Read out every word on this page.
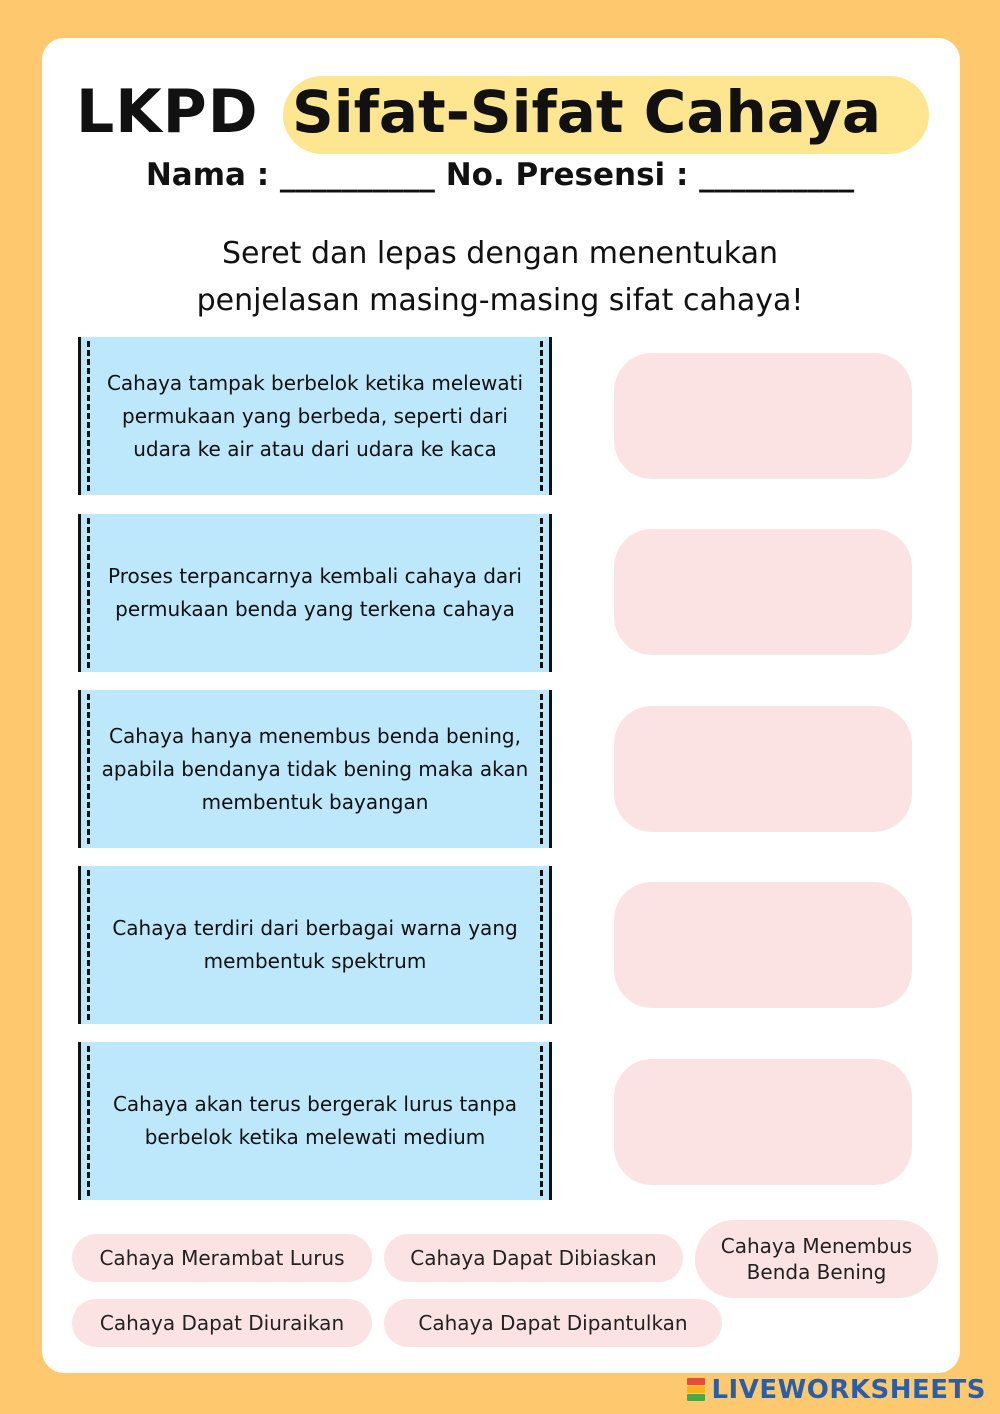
LKPD Sifat-Sifat Cahaya
Nama : __________ No. Presensi : __________
Seret dan lepas dengan menentukan
penjelasan masing-masing sifat cahaya!
Cahaya tampak berbelok ketika melewati permukaan yang berbeda, seperti dari udara ke air atau dari udara ke kaca
Proses terpancarnya kembali cahaya dari permukaan benda yang terkena cahaya
Cahaya hanya menembus benda bening, apabila bendanya tidak bening maka akan membentuk bayangan
Cahaya terdiri dari berbagai warna yang membentuk spektrum
Cahaya akan terus bergerak lurus tanpa berbelok ketika melewati medium
Cahaya Merambat Lurus	Cahaya Dapat Dibiaskan	Cahaya Menembus Benda Bening
Cahaya Dapat Diuraikan	Cahaya Dapat Dipantulkan
LIVEWORKSHEETS
